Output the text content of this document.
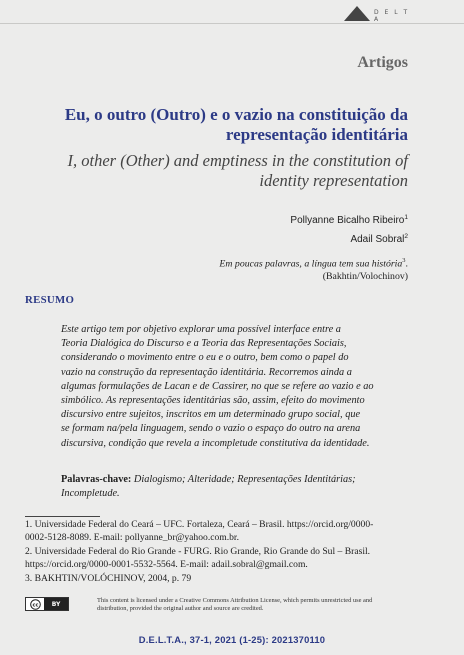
D E L T A
Artigos
Eu, o outro (Outro) e o vazio na constituição da
representação identitária
I, other (Other) and emptiness in the constitution of
identity representation
Pollyanne Bicalho Ribeiro$^1$
Adail Sobral$^2$
Em poucas palavras, a língua tem sua história$^3$.
(Bakhtin/Volochinov)
RESUMO
Este artigo tem por objetivo explorar uma possível interface entre a
Teoria Dialógica do Discurso e a Teoria das Representações Sociais,
considerando o movimento entre o eu e o outro, bem como o papel do
vazio na construção da representação identitária. Recorremos ainda a
algumas formulações de Lacan e de Cassirer, no que se refere ao vazio e ao
simbólico. As representações identitárias são, assim, efeito do movimento
discursivo entre sujeitos, inscritos em um determinado grupo social, que
se formam na/pela linguagem, sendo o vazio o espaço do outro na arena
discursiva, condição que revela a incompletude constitutiva da identidade.
Palavras-chave: Dialogismo; Alteridade; Representações Identitárias;
Incompletude.
1. Universidade Federal do Ceará – UFC. Fortaleza, Ceará – Brasil. https://orcid.org/0000-
0002-5128-8089. E-mail: pollyanne_br@yahoo.com.br.
2. Universidade Federal do Rio Grande - FURG. Rio Grande, Rio Grande do Sul – Brasil.
https://orcid.org/0000-0001-5532-5564. E-mail: adail.sobral@gmail.com.
3. BAKHTIN/VOLÓCHINOV, 2004, p. 79
cc	BY	This content is licensed under a Creative Commons Attribution License, which permits unrestricted use and
distribution, provided the original author and source are credited.
D.E.L.T.A., 37-1, 2021 (1-25): 2021370110
